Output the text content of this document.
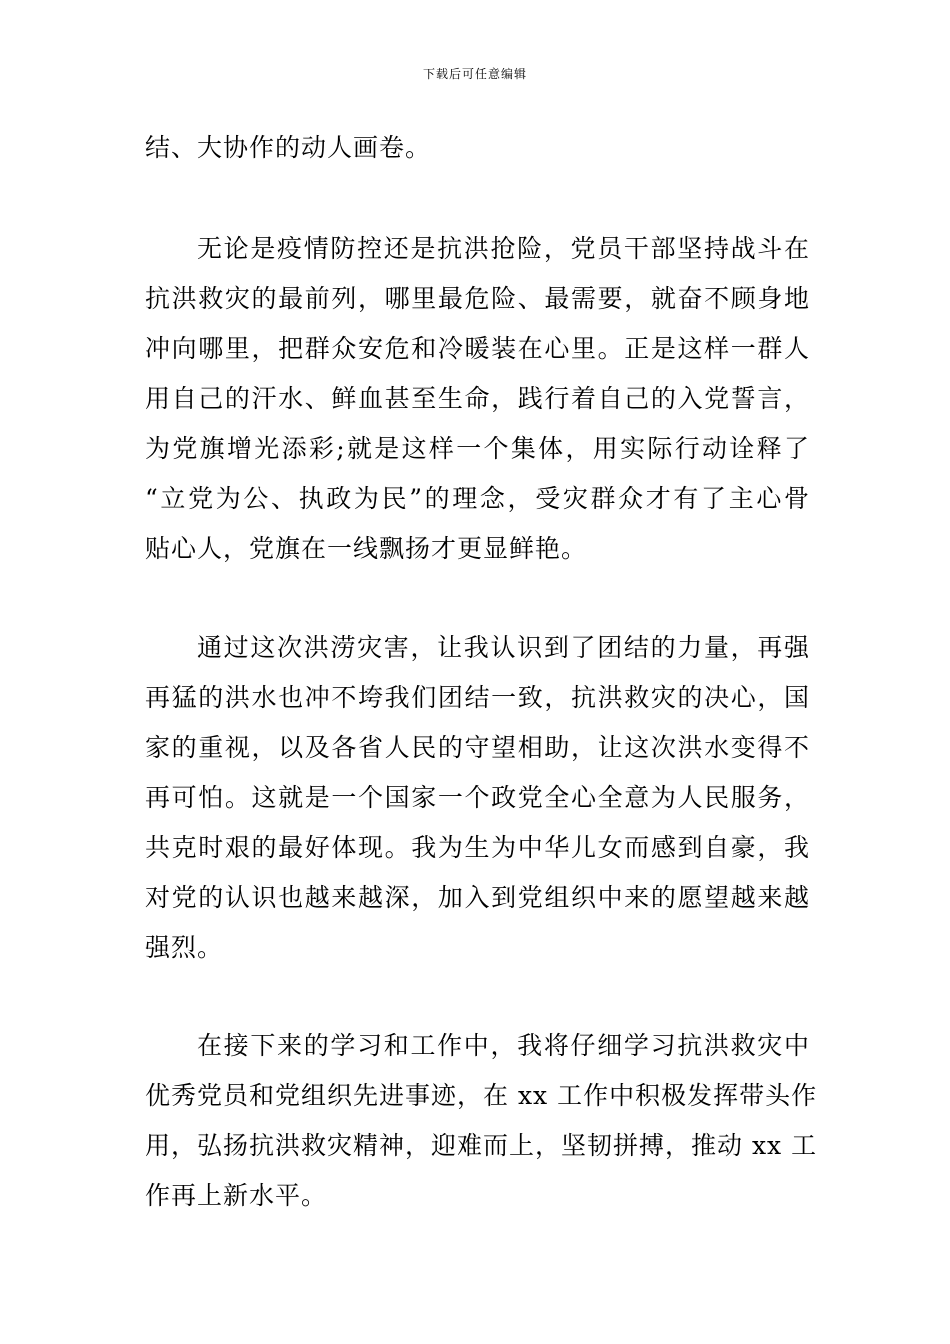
下载后可任意编辑
结、大协作的动人画卷。
无论是疫情防控还是抗洪抢险，党员干部坚持战斗在
抗洪救灾的最前列，哪里最危险、最需要，就奋不顾身地
冲向哪里，把群众安危和冷暖装在心里。正是这样一群人
用自己的汗水、鲜血甚至生命，践行着自己的入党誓言，
为党旗增光添彩;就是这样一个集体，用实际行动诠释了
“立党为公、执政为民”的理念，受灾群众才有了主心骨
贴心人，党旗在一线飘扬才更显鲜艳。
通过这次洪涝灾害，让我认识到了团结的力量，再强
再猛的洪水也冲不垮我们团结一致，抗洪救灾的决心，国
家的重视，以及各省人民的守望相助，让这次洪水变得不
再可怕。这就是一个国家一个政党全心全意为人民服务，
共克时艰的最好体现。我为生为中华儿女而感到自豪，我
对党的认识也越来越深，加入到党组织中来的愿望越来越
强烈。
在接下来的学习和工作中，我将仔细学习抗洪救灾中
优秀党员和党组织先进事迹，在 xx 工作中积极发挥带头作
用，弘扬抗洪救灾精神，迎难而上，坚韧拼搏，推动 xx 工
作再上新水平。
